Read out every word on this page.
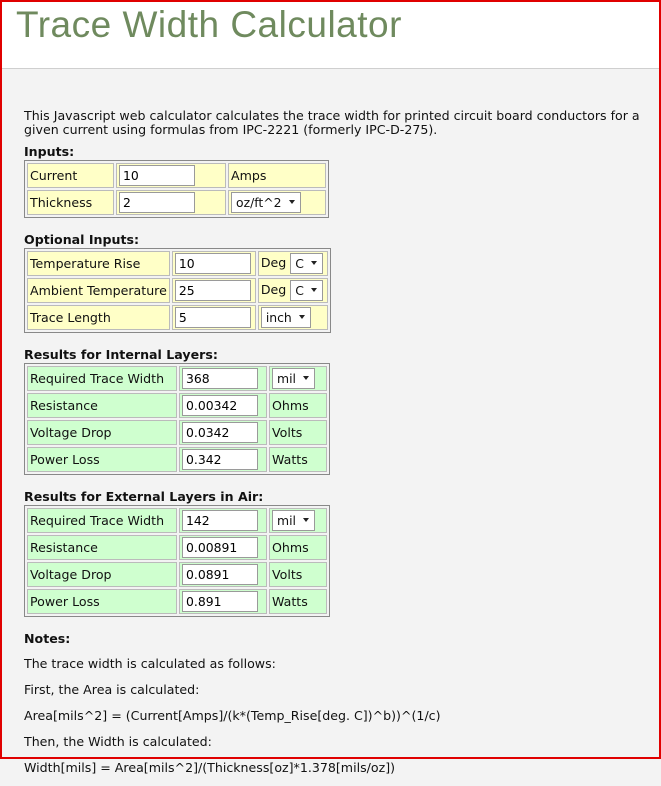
Trace Width Calculator

This Javascript web calculator calculates the trace width for printed circuit board conductors for a given current using formulas from IPC-2221 (formerly IPC-D-275).

Inputs:
Current	10	Amps
Thickness	2	oz/ft^2
Optional Inputs:
Temperature Rise	10	Deg C

Ambient Temperature	25	Deg C

Trace Length	5	inch
Results for Internal Layers:
Required Trace Width	368	mil

Resistance	0.00342	Ohms
Voltage Drop	0.0342	Volts
Power Loss	0.342	Watts
Results for External Layers in Air:
Required Trace Width	142	mil

Resistance	0.00891	Ohms
Voltage Drop	0.0891	Volts
Power Loss	0.891	Watts

Notes:

The trace width is calculated as follows:

First, the Area is calculated:

Area[mils^2] = (Current[Amps]/(k*(Temp_Rise[deg. C])^b))^(1/c)

Then, the Width is calculated:

Width[mils] = Area[mils^2]/(Thickness[oz]*1.378[mils/oz])
